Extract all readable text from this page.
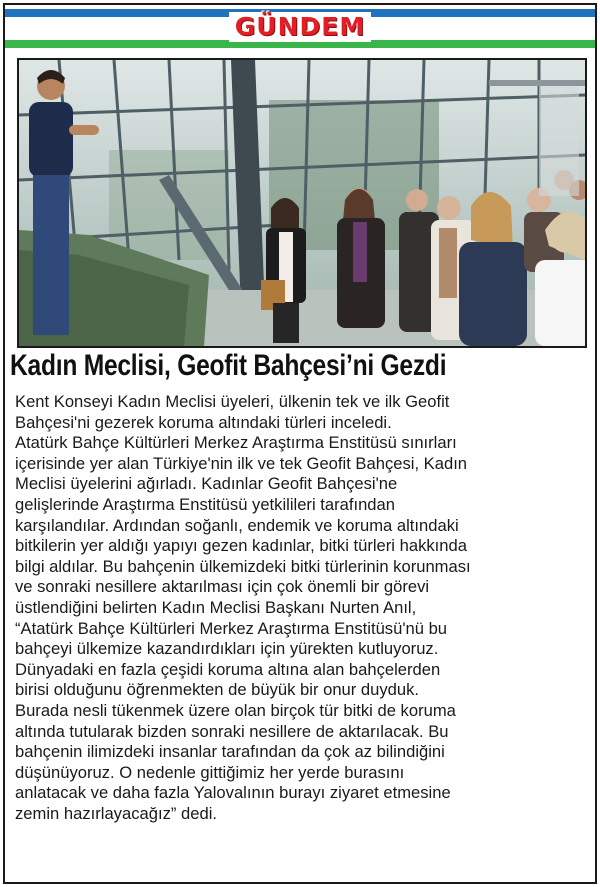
GÜNDEM
Kadın Meclisi, Geofit Bahçesi’ni Gezdi
Kent Konseyi Kadın Meclisi üyeleri, ülkenin tek ve ilk Geofit
Bahçesi'ni gezerek koruma altındaki türleri inceledi.
Atatürk Bahçe Kültürleri Merkez Araştırma Enstitüsü sınırları
içerisinde yer alan Türkiye'nin ilk ve tek Geofit Bahçesi, Kadın
Meclisi üyelerini ağırladı. Kadınlar Geofit Bahçesi'ne
gelişlerinde Araştırma Enstitüsü yetkilileri tarafından
karşılandılar. Ardından soğanlı, endemik ve koruma altındaki
bitkilerin yer aldığı yapıyı gezen kadınlar, bitki türleri hakkında
bilgi aldılar. Bu bahçenin ülkemizdeki bitki türlerinin korunması
ve sonraki nesillere aktarılması için çok önemli bir görevi
üstlendiğini belirten Kadın Meclisi Başkanı Nurten Anıl,
“Atatürk Bahçe Kültürleri Merkez Araştırma Enstitüsü'nü bu
bahçeyi ülkemize kazandırdıkları için yürekten kutluyoruz.
Dünyadaki en fazla çeşidi koruma altına alan bahçelerden
birisi olduğunu öğrenmekten de büyük bir onur duyduk.
Burada nesli tükenmek üzere olan birçok tür bitki de koruma
altında tutularak bizden sonraki nesillere de aktarılacak. Bu
bahçenin ilimizdeki insanlar tarafından da çok az bilindiğini
düşünüyoruz. O nedenle gittiğimiz her yerde burasını
anlatacak ve daha fazla Yalovalının burayı ziyaret etmesine
zemin hazırlayacağız” dedi.
